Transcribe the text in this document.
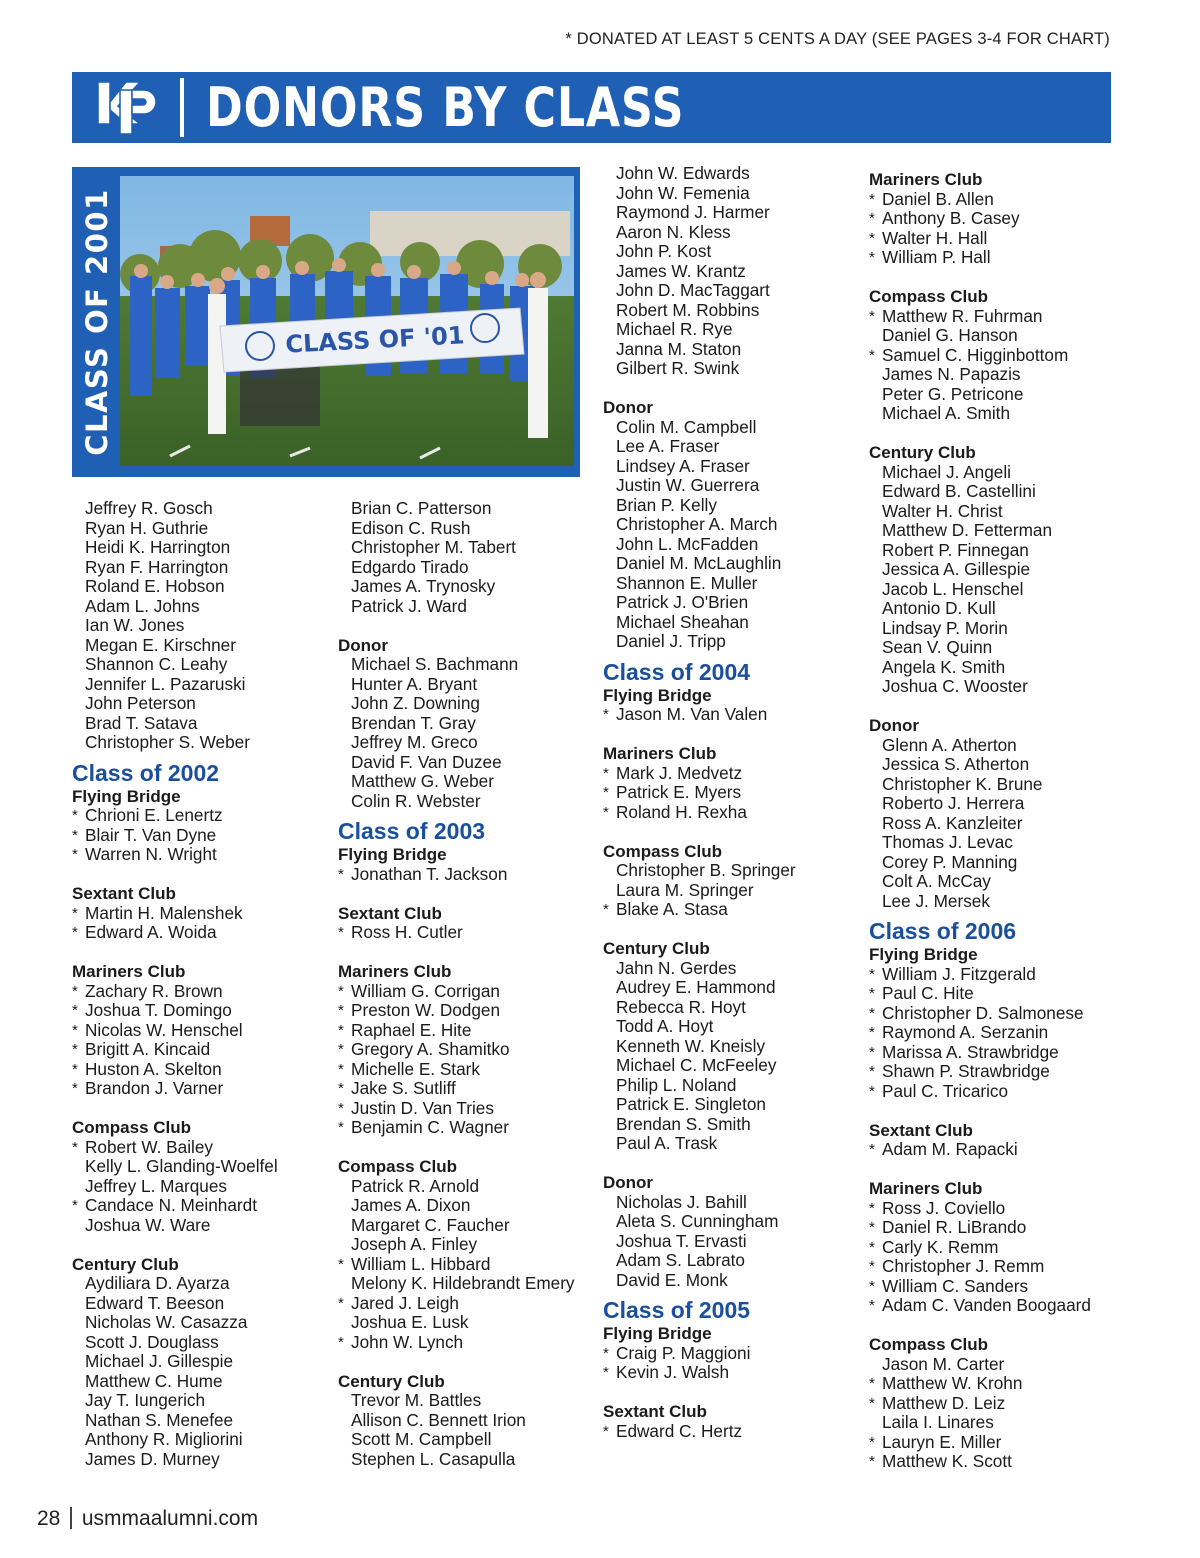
* DONATED AT LEAST 5 CENTS A DAY (SEE PAGES 3-4 FOR CHART)
DONORS BY CLASS
CLASS OF 2001	CLASS OF '01
Jeffrey R. Gosch
Ryan H. Guthrie
Heidi K. Harrington
Ryan F. Harrington
Roland E. Hobson
Adam L. Johns
Ian W. Jones
Megan E. Kirschner
Shannon C. Leahy
Jennifer L. Pazaruski
John Peterson
Brad T. Satava
Christopher S. Weber
Class of 2002
Flying Bridge
* Chrioni E. Lenertz
* Blair T. Van Dyne
* Warren N. Wright
Sextant Club
* Martin H. Malenshek
* Edward A. Woida
Mariners Club
* Zachary R. Brown
* Joshua T. Domingo
* Nicolas W. Henschel
* Brigitt A. Kincaid
* Huston A. Skelton
* Brandon J. Varner
Compass Club
* Robert W. Bailey
Kelly L. Glanding-Woelfel
Jeffrey L. Marques
* Candace N. Meinhardt
Joshua W. Ware
Century Club
Aydiliara D. Ayarza
Edward T. Beeson
Nicholas W. Casazza
Scott J. Douglass
Michael J. Gillespie
Matthew C. Hume
Jay T. Iungerich
Nathan S. Menefee
Anthony R. Migliorini
James D. Murney
Brian C. Patterson
Edison C. Rush
Christopher M. Tabert
Edgardo Tirado
James A. Trynosky
Patrick J. Ward
Donor
Michael S. Bachmann
Hunter A. Bryant
John Z. Downing
Brendan T. Gray
Jeffrey M. Greco
David F. Van Duzee
Matthew G. Weber
Colin R. Webster
Class of 2003
Flying Bridge
* Jonathan T. Jackson
Sextant Club
* Ross H. Cutler
Mariners Club
* William G. Corrigan
* Preston W. Dodgen
* Raphael E. Hite
* Gregory A. Shamitko
* Michelle E. Stark
* Jake S. Sutliff
* Justin D. Van Tries
* Benjamin C. Wagner
Compass Club
Patrick R. Arnold
James A. Dixon
Margaret C. Faucher
Joseph A. Finley
* William L. Hibbard
Melony K. Hildebrandt Emery
* Jared J. Leigh
Joshua E. Lusk
* John W. Lynch
Century Club
Trevor M. Battles
Allison C. Bennett Irion
Scott M. Campbell
Stephen L. Casapulla
John W. Edwards
John W. Femenia
Raymond J. Harmer
Aaron N. Kless
John P. Kost
James W. Krantz
John D. MacTaggart
Robert M. Robbins
Michael R. Rye
Janna M. Staton
Gilbert R. Swink
Donor
Colin M. Campbell
Lee A. Fraser
Lindsey A. Fraser
Justin W. Guerrera
Brian P. Kelly
Christopher A. March
John L. McFadden
Daniel M. McLaughlin
Shannon E. Muller
Patrick J. O'Brien
Michael Sheahan
Daniel J. Tripp
Class of 2004
Flying Bridge
* Jason M. Van Valen
Mariners Club
* Mark J. Medvetz
* Patrick E. Myers
* Roland H. Rexha
Compass Club
Christopher B. Springer
Laura M. Springer
* Blake A. Stasa
Century Club
Jahn N. Gerdes
Audrey E. Hammond
Rebecca R. Hoyt
Todd A. Hoyt
Kenneth W. Kneisly
Michael C. McFeeley
Philip L. Noland
Patrick E. Singleton
Brendan S. Smith
Paul A. Trask
Donor
Nicholas J. Bahill
Aleta S. Cunningham
Joshua T. Ervasti
Adam S. Labrato
David E. Monk
Class of 2005
Flying Bridge
* Craig P. Maggioni
* Kevin J. Walsh
Sextant Club
* Edward C. Hertz
Mariners Club
* Daniel B. Allen
* Anthony B. Casey
* Walter H. Hall
* William P. Hall
Compass Club
* Matthew R. Fuhrman
Daniel G. Hanson
* Samuel C. Higginbottom
James N. Papazis
Peter G. Petricone
Michael A. Smith
Century Club
Michael J. Angeli
Edward B. Castellini
Walter H. Christ
Matthew D. Fetterman
Robert P. Finnegan
Jessica A. Gillespie
Jacob L. Henschel
Antonio D. Kull
Lindsay P. Morin
Sean V. Quinn
Angela K. Smith
Joshua C. Wooster
Donor
Glenn A. Atherton
Jessica S. Atherton
Christopher K. Brune
Roberto J. Herrera
Ross A. Kanzleiter
Thomas J. Levac
Corey P. Manning
Colt A. McCay
Lee J. Mersek
Class of 2006
Flying Bridge
* William J. Fitzgerald
* Paul C. Hite
* Christopher D. Salmonese
* Raymond A. Serzanin
* Marissa A. Strawbridge
* Shawn P. Strawbridge
* Paul C. Tricarico
Sextant Club
* Adam M. Rapacki
Mariners Club
* Ross J. Coviello
* Daniel R. LiBrando
* Carly K. Remm
* Christopher J. Remm
* William C. Sanders
* Adam C. Vanden Boogaard
Compass Club
Jason M. Carter
* Matthew W. Krohn
* Matthew D. Leiz
Laila I. Linares
* Lauryn E. Miller
* Matthew K. Scott
28 usmmaalumni.com
